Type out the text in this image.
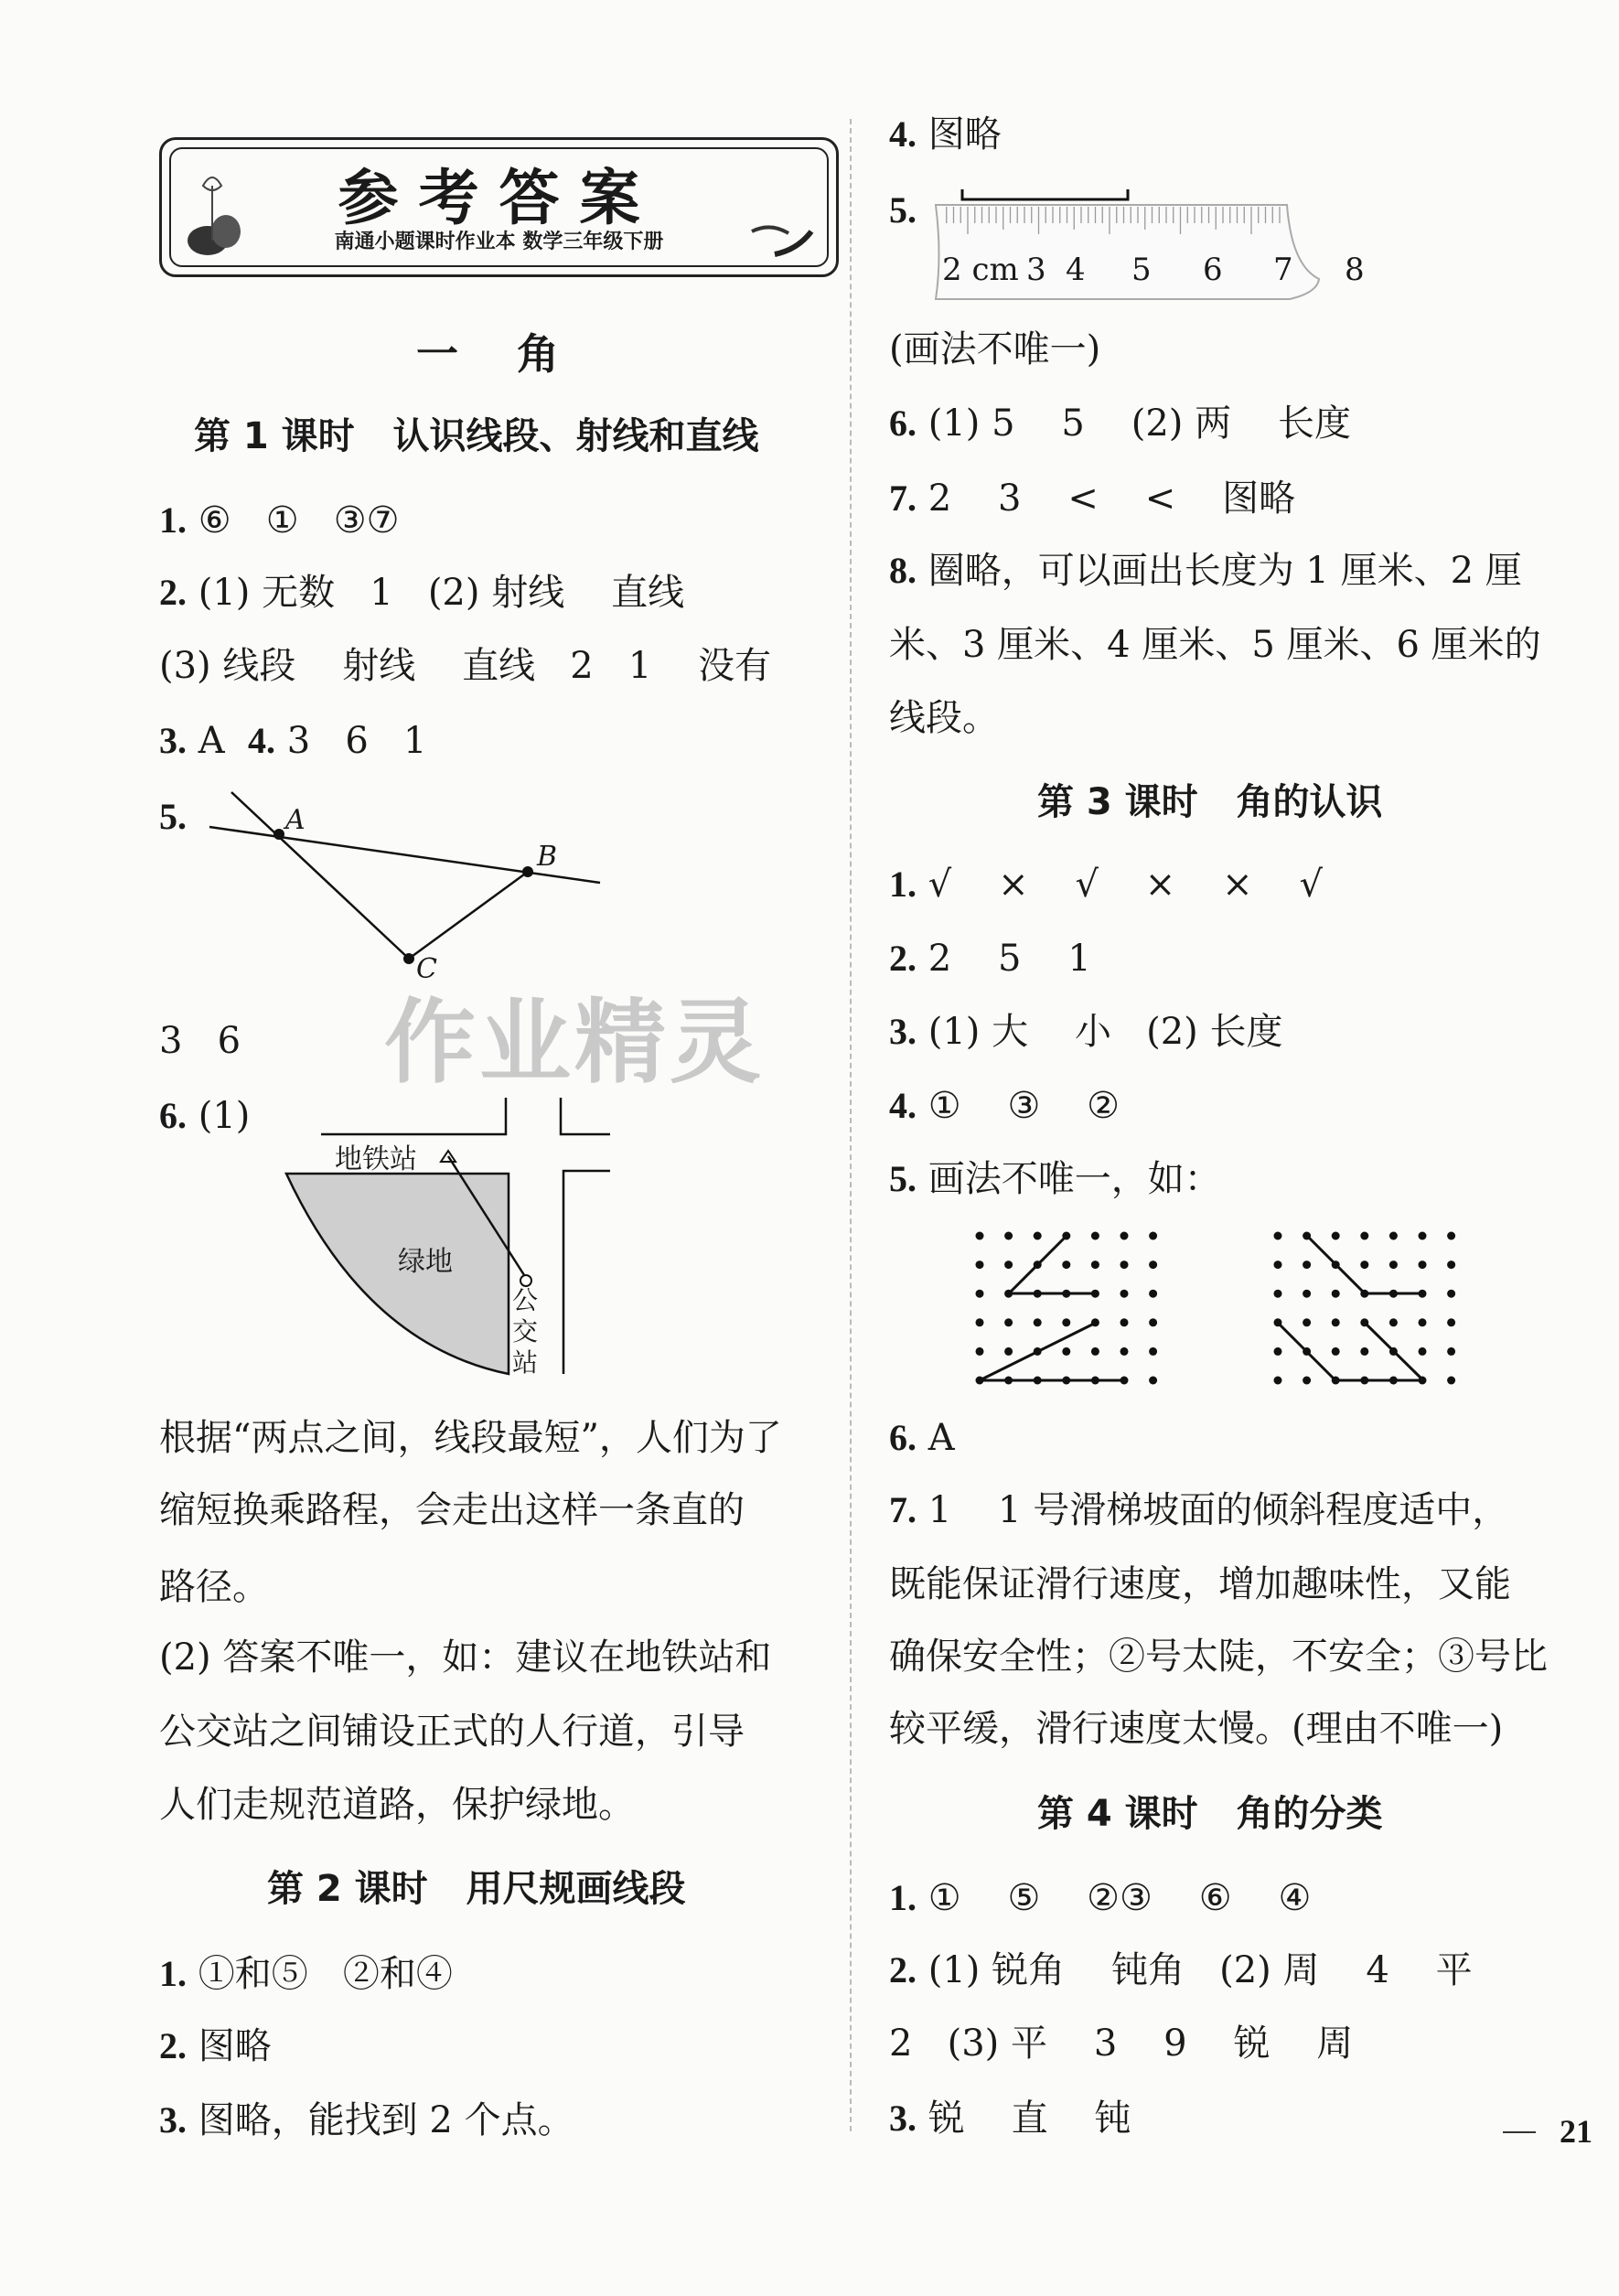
参考答案
南通小题课时作业本 数学三年级下册
作业精灵
一    角
第 1 课时   认识线段、射线和直线
1. ⑥   ①   ③⑦
2. (1) 无数   1   (2) 射线    直线
(3) 线段    射线    直线   2   1    没有
3. A  4. 3   6   1
5.	A
B
C
3   6
6. (1)
地铁站
绿地
公
交
站
根据“两点之间，线段最短”，人们为了
缩短换乘路程，会走出这样一条直的
路径。
(2) 答案不唯一，如：建议在地铁站和
公交站之间铺设正式的人行道，引导
人们走规范道路，保护绿地。
第 2 课时   用尺规画线段
1. ①和⑤   ②和④
2. 图略
3. 图略，能找到 2 个点。
4. 图略
5.
2 cm 3 4 5 6 7 8
(画法不唯一)
6. (1) 5    5    (2) 两    长度
7. 2    3    <    <    图略
8. 圈略，可以画出长度为 1 厘米、2 厘
米、3 厘米、4 厘米、5 厘米、6 厘米的
线段。
第 3 课时   角的认识
1. √    ×    √    ×    ×    √
2. 2    5    1
3. (1) 大    小   (2) 长度
4. ①    ③    ②
5. 画法不唯一，如：
6. A
7. 1    1 号滑梯坡面的倾斜程度适中，
既能保证滑行速度，增加趣味性，又能
确保安全性；②号太陡，不安全；③号比
较平缓，滑行速度太慢。(理由不唯一)
第 4 课时   角的分类
1. ①    ⑤    ②③    ⑥    ④
2. (1) 锐角    钝角   (2) 周    4    平
2   (3) 平    3    9    锐    周
3. 锐    直    钝	21
